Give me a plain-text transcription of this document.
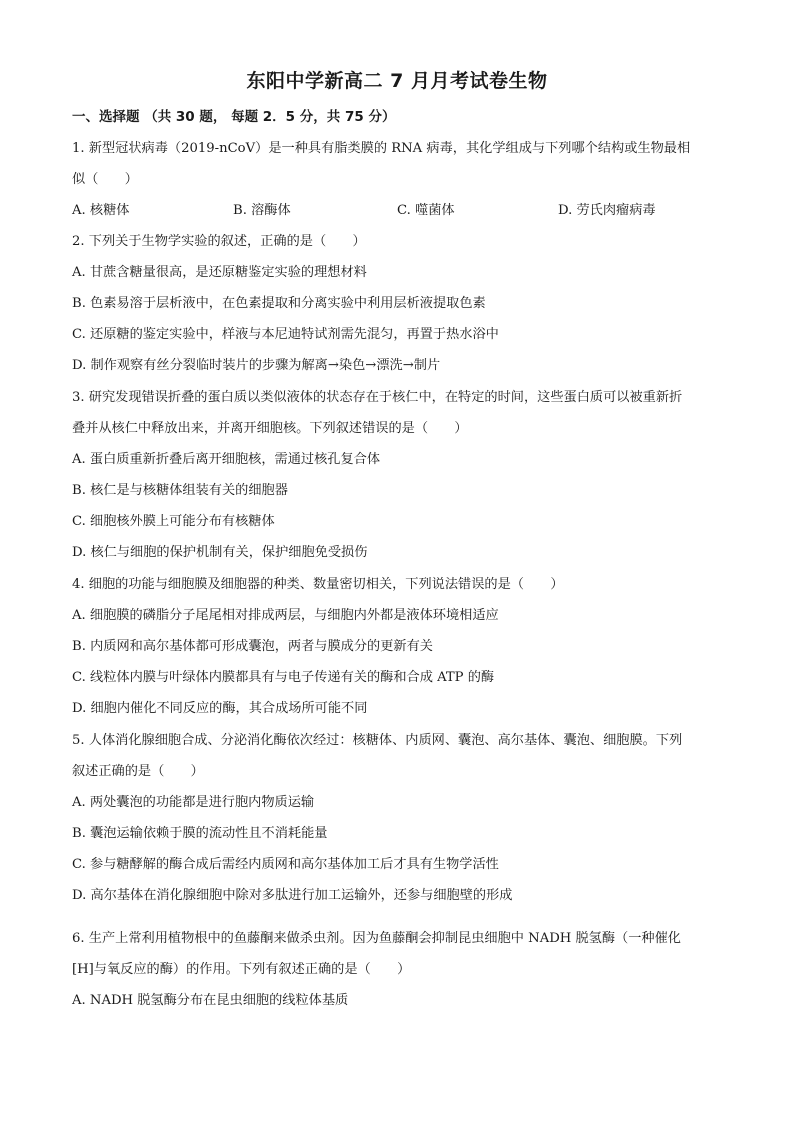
东阳中学新高二 7 月月考试卷生物
一、选择题 （共 30 题， 每题 2．5 分，共 75 分）
1. 新型冠状病毒（2019-nCoV）是一种具有脂类膜的 RNA 病毒，其化学组成与下列哪个结构或生物最相
似（　　）
A. 核糖体	B. 溶酶体	C. 噬菌体	D. 劳氏肉瘤病毒
2. 下列关于生物学实验的叙述，正确的是（　　）
A. 甘蔗含糖量很高，是还原糖鉴定实验的理想材料
B. 色素易溶于层析液中，在色素提取和分离实验中利用层析液提取色素
C. 还原糖的鉴定实验中，样液与本尼迪特试剂需先混匀，再置于热水浴中
D. 制作观察有丝分裂临时装片的步骤为解离→染色→漂洗→制片
3. 研究发现错误折叠的蛋白质以类似液体的状态存在于核仁中，在特定的时间，这些蛋白质可以被重新折
叠并从核仁中释放出来，并离开细胞核。下列叙述错误的是（　　）
A. 蛋白质重新折叠后离开细胞核，需通过核孔复合体
B. 核仁是与核糖体组装有关的细胞器
C. 细胞核外膜上可能分布有核糖体
D. 核仁与细胞的保护机制有关，保护细胞免受损伤
4. 细胞的功能与细胞膜及细胞器的种类、数量密切相关，下列说法错误的是（　　）
A. 细胞膜的磷脂分子尾尾相对排成两层，与细胞内外都是液体环境相适应
B. 内质网和高尔基体都可形成囊泡，两者与膜成分的更新有关
C. 线粒体内膜与叶绿体内膜都具有与电子传递有关的酶和合成 ATP 的酶
D. 细胞内催化不同反应的酶，其合成场所可能不同
5. 人体消化腺细胞合成、分泌消化酶依次经过：核糖体、内质网、囊泡、高尔基体、囊泡、细胞膜。下列
叙述正确的是（　　）
A. 两处囊泡的功能都是进行胞内物质运输
B. 囊泡运输依赖于膜的流动性且不消耗能量
C. 参与糖酵解的酶合成后需经内质网和高尔基体加工后才具有生物学活性
D. 高尔基体在消化腺细胞中除对多肽进行加工运输外，还参与细胞壁的形成
6. 生产上常利用植物根中的鱼藤酮来做杀虫剂。因为鱼藤酮会抑制昆虫细胞中 NADH 脱氢酶（一种催化
[H]与氧反应的酶）的作用。下列有叙述正确的是（　　）
A. NADH 脱氢酶分布在昆虫细胞的线粒体基质
